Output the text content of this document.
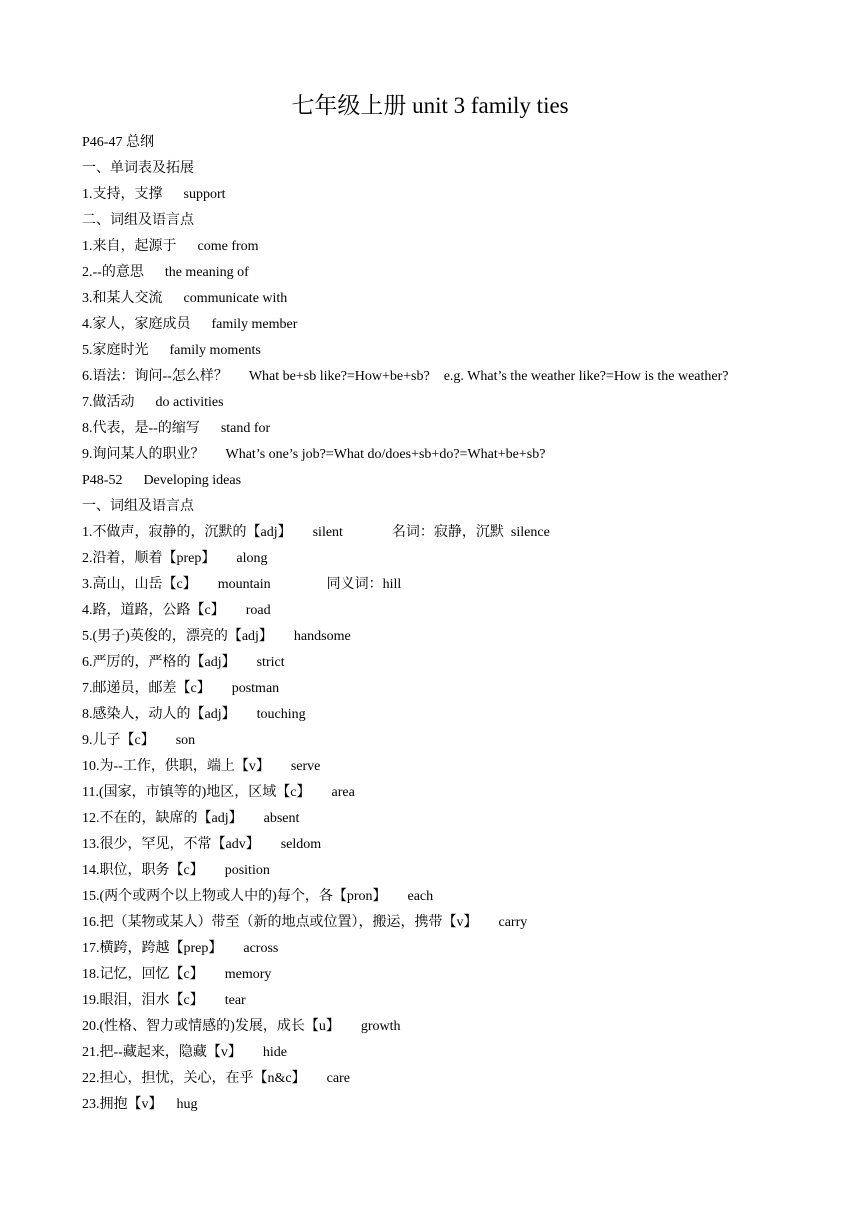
七年级上册 unit 3 family ties
P46-47 总纲
一、单词表及拓展
1.支持，支撑      support
二、词组及语言点
1.来自，起源于      come from
2.--的意思      the meaning of
3.和某人交流      communicate with
4.家人，家庭成员      family member
5.家庭时光      family moments
6.语法：询问--怎么样？      What be+sb like?=How+be+sb?    e.g. What’s the weather like?=How is the weather?
7.做活动      do activities
8.代表，是--的缩写      stand for
9.询问某人的职业？      What’s one’s job?=What do/does+sb+do?=What+be+sb?
P48-52      Developing ideas
一、词组及语言点
1.不做声，寂静的，沉默的【adj】      silent              名词：寂静，沉默  silence
2.沿着，顺着【prep】      along
3.高山，山岳【c】      mountain                同义词：hill
4.路，道路，公路【c】      road
5.(男子)英俊的，漂亮的【adj】      handsome
6.严厉的，严格的【adj】      strict
7.邮递员，邮差【c】      postman
8.感染人，动人的【adj】      touching
9.儿子【c】      son
10.为--工作，供职，端上【v】      serve
11.(国家，市镇等的)地区，区域【c】      area
12.不在的，缺席的【adj】      absent
13.很少，罕见，不常【adv】      seldom
14.职位，职务【c】      position
15.(两个或两个以上物或人中的)每个，各【pron】      each
16.把（某物或某人）带至（新的地点或位置），搬运，携带【v】      carry
17.横跨，跨越【prep】      across
18.记忆，回忆【c】      memory
19.眼泪，泪水【c】      tear
20.(性格、智力或情感的)发展，成长【u】      growth
21.把--藏起来，隐藏【v】      hide
22.担心，担忧，关心，在乎【n&c】      care
23.拥抱【v】    hug
